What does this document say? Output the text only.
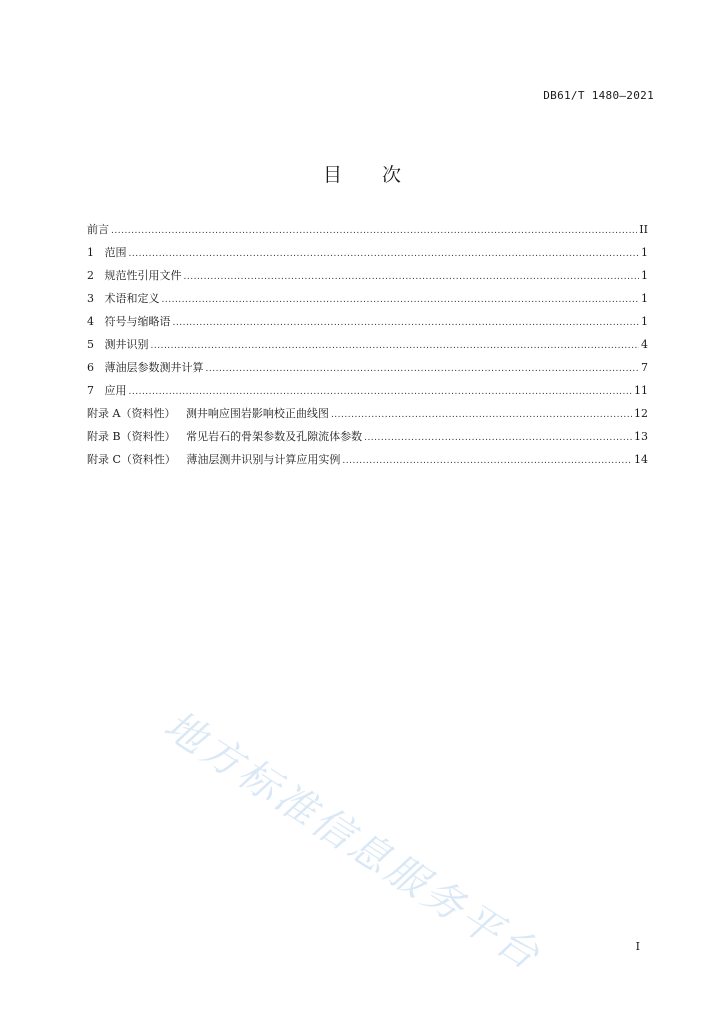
DB61/T 1480—2021
目 次
前言 .....	II
1 范围 .....	1
2 规范性引用文件 .....	1
3 术语和定义 .....	1
4 符号与缩略语 .....	1
5 测井识别 .....	4
6 薄油层参数测井计算 .....	7
7 应用 .....	11
附录 A（资料性） 测井响应围岩影响校正曲线图 .....	12
附录 B（资料性） 常见岩石的骨架参数及孔隙流体参数 .....	13
附录 C（资料性） 薄油层测井识别与计算应用实例 .....	14
地方标准信息服务平台	I
